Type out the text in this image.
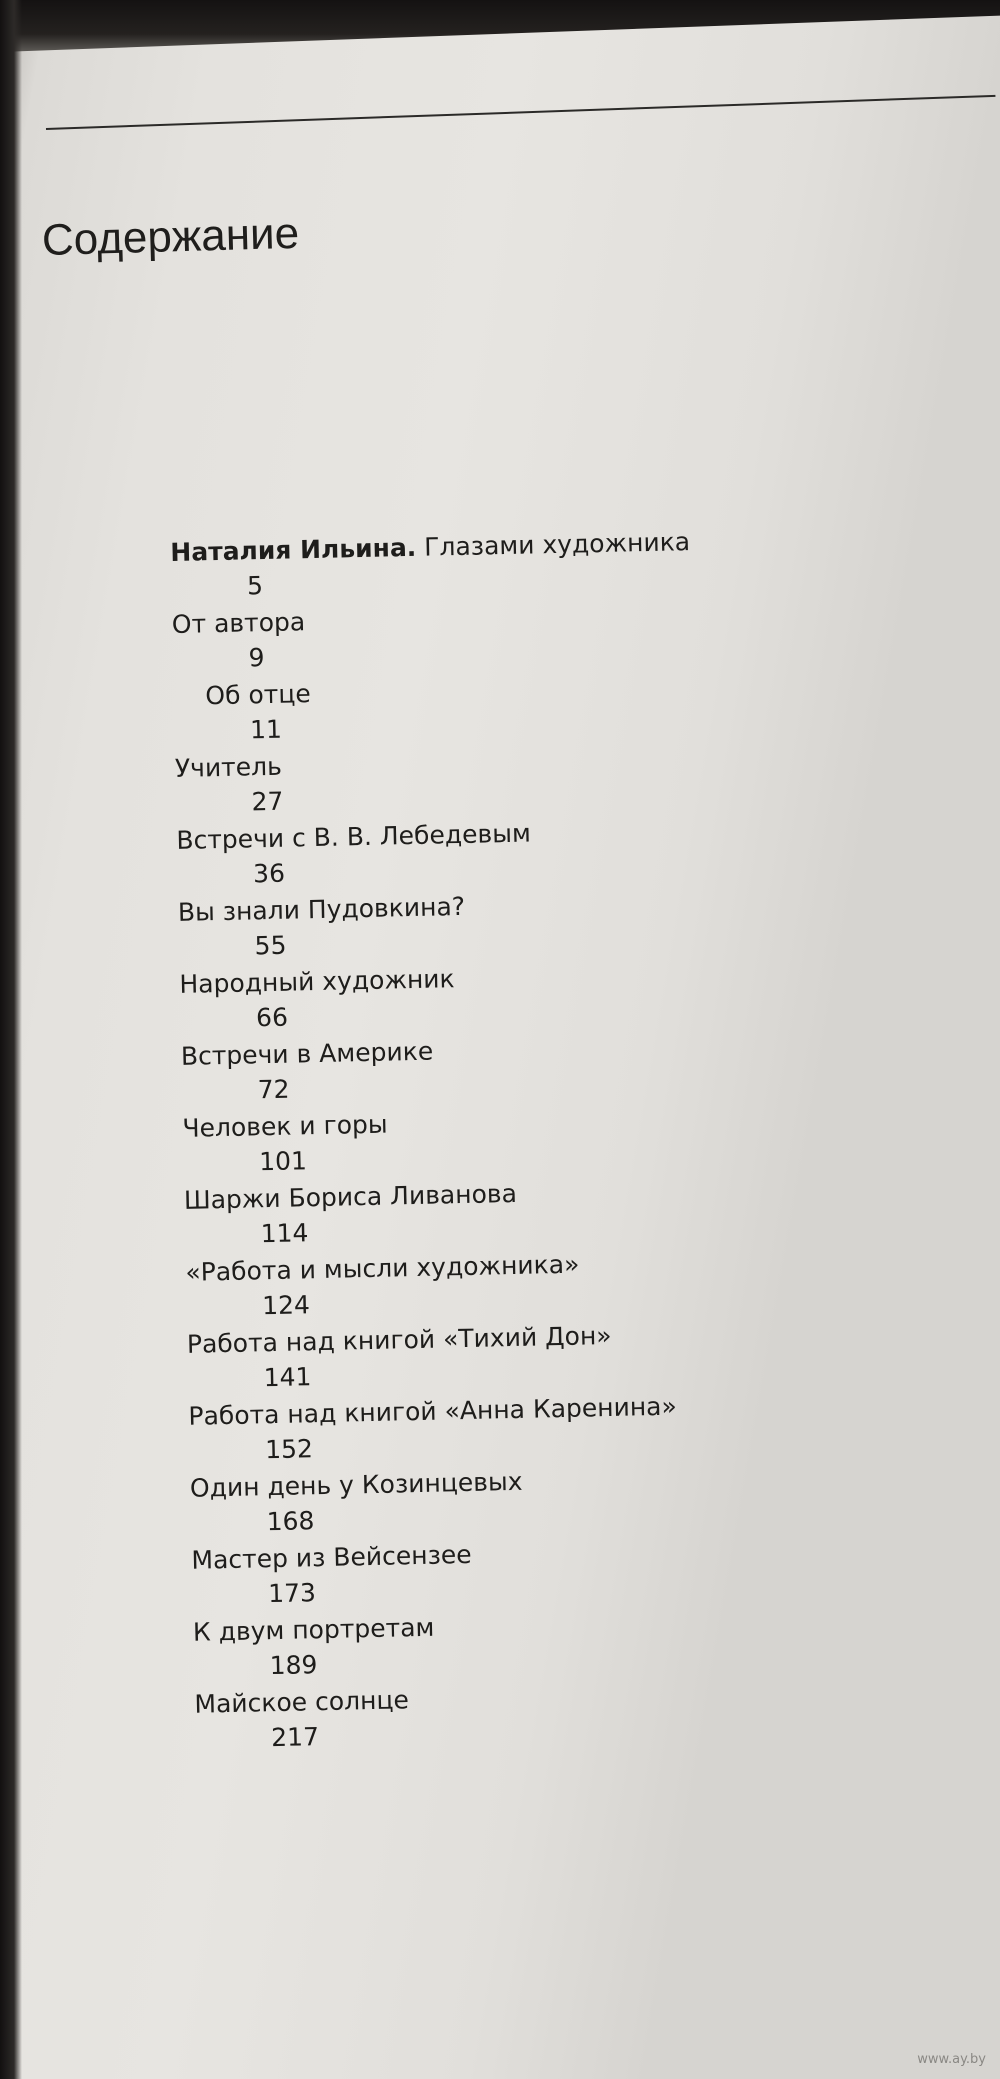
Содержание
Наталия Ильина. Глазами художника
5
От автора
9
Об отце
11
Учитель
27
Встречи с В. В. Лебедевым
36
Вы знали Пудовкина?
55
Народный художник
66
Встречи в Америке
72
Человек и горы
101
Шаржи Бориса Ливанова
114
«Работа и мысли художника»
124
Работа над книгой «Тихий Дон»
141
Работа над книгой «Анна Каренина»
152
Один день у Козинцевых
168
Мастер из Вейсензее
173
К двум портретам
189
Майское солнце
217
www.ay.by
